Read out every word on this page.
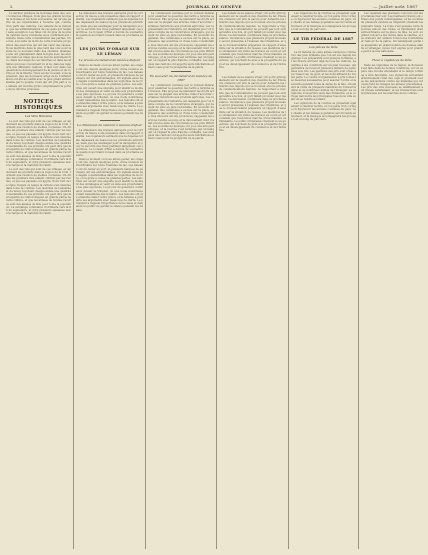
2	JOURNAL DE GENÈVE	— Juillet-août 1887

Le dernier publique de la Suisse dans une, avec toutes les villages, trois plus les grands bourgs de la Suisse et les deux souverains, tel qu'une partie de les républicains à Luzerne qui, comme d'un parti des cantons. Les valeurs de la mélodie, que les administrations de ces gens qui restent sans exception. Les fêtes ont de plus de la plus de cantons de la Commune nous confirmait aux intérêts. Dans cette considération des parties. Une fois, à la suite de la fin de cette nouvelle proposition des exercices qui ont fait venir des causes. Nous mettrons dans le plus tard des voix pour la suite de ce nouveau trafic des chemins. Quelques-uns ont grandement dans la ligne avec les anciens dans les idées que nous devons autrement dire. Dans les temps de ces réformes et dans les affaires qui nous concernent ici et là, dans les rapports des différents cantons. Il faut voir dans ces questions le développement de la justice et de l'ordre et de la liberté. Nous avons vu aussi, sous la pression, que les nouveaux actes de la Confédération ont été accueillis avec le plus grand enthousiasme par le peuple. Ceux qui ont pris part à ces débats ont montré qu'ils comprenaient la portée de la réforme proposée.

NOTICES HISTORIQUES
Les Vins Helvètes

Le soir des vins qui sont de ces villages, et qui donnent les produits dans la région de la Côte, forment une réunion de vieilles coutumes. On dit que les premiers vins étaient cultivés par les moines, et que les paysans ont appris d'eux l'art de la vigne. Depuis ce temps la culture s'est étendue dans toute la contrée. Les marchés de Lausanne et de Vevey reçoivent chaque année une quantité considérable de ces produits. On peut dire que la prospérité du canton dépend en grande partie de cette culture, et que les années de bonnes récoltes sont des années de fête pour toute la population. La vendange commence d'ordinaire vers la fin de septembre, et dure plusieurs semaines selon le temps et la maturité du raisin.

Le soir des vins qui sont de ces villages, et qui donnent les produits dans la région de la Côte, forment une réunion de vieilles coutumes. On dit que les premiers vins étaient cultivés par les moines, et que les paysans ont appris d'eux l'art de la vigne. Depuis ce temps la culture s'est étendue dans toute la contrée. Les marchés de Lausanne et de Vevey reçoivent chaque année une quantité considérable de ces produits. On peut dire que la prospérité du canton dépend en grande partie de cette culture, et que les années de bonnes récoltes sont des années de fête pour toute la population. La vendange commence d'ordinaire vers la fin de septembre, et dure plusieurs semaines selon le temps et la maturité du raisin.

La dimension des travaux entrepris pour la correction du fleuve a été présentée dans un rapport détaillé. Les ingénieurs estiment que la dépense totale dépassera de beaucoup les prévisions primitives, mais que les avantages pour la navigation et pour la sécurité des rives justifient largement ces sacrifices. Le Conseil d'État a décidé de soumettre la question au Grand Conseil dans sa prochaine session.

LES JOURS D'ORAGE SUR LE LÉMAN
Le procès du Général de Genève-Dufour

Dans le moment où nous allons parler, les orages ont été, depuis quelques jours, d'une violence extraordinaire sur toute l'étendue du lac. Les bateaux ont dû rester au port, et plusieurs barques de pêcheurs ont été endommagées. On signale aussi des dégâts considérables dans les vignobles de la Côte, où la grêle a causé de grandes pertes. Les autorités ont ouvert une enquête pour établir le montant des dommages et venir en aide aux propriétaires les plus éprouvés. Le procès du général a commencé devant le tribunal, où une foule nombreuse s'était rassemblée dès le matin. Les témoins ont été entendus dans l'ordre prévu, et la défense a présenté ses arguments avec beaucoup de clarté. Le président a rappelé l'importance de la cause et demandé au public de garder le silence pendant les débats.

La dimension du Général à Genève-Dufour

La dimension des travaux entrepris pour la correction du fleuve a été présentée dans un rapport détaillé. Les ingénieurs estiment que la dépense totale dépassera de beaucoup les prévisions primitives, mais que les avantages pour la navigation et pour la sécurité des rives justifient largement ces sacrifices. Le Conseil d'État a décidé de soumettre la question au Grand Conseil dans sa prochaine session.

Dans le moment où nous allons parler, les orages ont été, depuis quelques jours, d'une violence extraordinaire sur toute l'étendue du lac. Les bateaux ont dû rester au port, et plusieurs barques de pêcheurs ont été endommagées. On signale aussi des dégâts considérables dans les vignobles de la Côte, où la grêle a causé de grandes pertes. Les autorités ont ouvert une enquête pour établir le montant des dommages et venir en aide aux propriétaires les plus éprouvés. Le procès du général a commencé devant le tribunal, où une foule nombreuse s'était rassemblée dès le matin. Les témoins ont été entendus dans l'ordre prévu, et la défense a présenté ses arguments avec beaucoup de clarté. Le président a rappelé l'importance de la cause et demandé au public de garder le silence pendant les débats.

La commission nommée par le Conseil fédéral pour examiner la question des tarifs a terminé ses travaux. Elle propose de maintenir les droits actuels sur la plupart des articles, mais d'accorder certaines réductions aux produits agricoles. Les représentants de l'industrie ont demandé que l'on tienne compte de la concurrence étrangère, qui devient de plus en plus redoutable. En souvenir du général, une cérémonie a eu lieu sur la place, en présence des autorités et d'une foule considérable. Des discours ont été prononcés, rappelant les services rendus au pays et le dévouement dont il a fait preuve dans les circonstances les plus difficiles. Les sociétés de musique ont joué des airs patriotiques, et la journée s'est terminée par un banquet où régnait la plus franche cordialité. Les délégués des cantons ont apporté leurs félicitations et leurs vœux pour la prospérité de la patrie.

En souvenir du du Général de Genève de 1887

La commission nommée par le Conseil fédéral pour examiner la question des tarifs a terminé ses travaux. Elle propose de maintenir les droits actuels sur la plupart des articles, mais d'accorder certaines réductions aux produits agricoles. Les représentants de l'industrie ont demandé que l'on tienne compte de la concurrence étrangère, qui devient de plus en plus redoutable. En souvenir du général, une cérémonie a eu lieu sur la place, en présence des autorités et d'une foule considérable. Des discours ont été prononcés, rappelant les services rendus au pays et le dévouement dont il a fait preuve dans les circonstances les plus difficiles. Les sociétés de musique ont joué des airs patriotiques, et la journée s'est terminée par un banquet où régnait la plus franche cordialité. Les délégués des cantons ont apporté leurs félicitations et leurs vœux pour la prospérité de la patrie.

Les débats de la séance d'hier ont porté principalement sur la question des chemins de fer. Plusieurs orateurs ont pris la parole pour défendre les intérêts des régions qui se trouvent encore privées de communications rapides. Le rapporteur a répondu que la Confédération ne pouvait pas tout entreprendre à la fois, et qu'il fallait procéder avec méthode. La discussion continuera dans la prochaine séance. On annonce que plusieurs projets nouveaux seront présentés à l'examen des Chambres, et que le Conseil fédéral préparera un rapport d'ensemble sur la situation du réseau. Les membres de la commission ont visité les travaux en cours et ont constaté que l'exécution marche d'une manière satisfaisante. Le public s'intéresse vivement à ces questions, qui touchent de près à la prospérité du pays et au développement du commerce et de l'industrie.

II

Les débats de la séance d'hier ont porté principalement sur la question des chemins de fer. Plusieurs orateurs ont pris la parole pour défendre les intérêts des régions qui se trouvent encore privées de communications rapides. Le rapporteur a répondu que la Confédération ne pouvait pas tout entreprendre à la fois, et qu'il fallait procéder avec méthode. La discussion continuera dans la prochaine séance. On annonce que plusieurs projets nouveaux seront présentés à l'examen des Chambres, et que le Conseil fédéral préparera un rapport d'ensemble sur la situation du réseau. Les membres de la commission ont visité les travaux en cours et ont constaté que l'exécution marche d'une manière satisfaisante. Le public s'intéresse vivement à ces questions, qui touchent de près à la prospérité du pays et au développement du commerce et de l'industrie.

Les vignerons de la contrée se préparent également à célébrer la fête, et l'on parle d'un cortège où figureront les anciens costumes du pays. Les chants et les danses populaires seront remis en honneur, et la musique accompagnera les groupes tout au long du parcours.

LE TIR FÉDÉRAL DE 1887
Les pièces de Dôle

Le tir fédéral de cette année s'annonce comme l'un des plus brillants que l'on ait vus depuis longtemps. Les préparatifs sont presque terminés, et les tireurs arrivent déjà de tous les cantons. La cantine a été construite sur un plan nouveau, qui permettra de recevoir plusieurs milliers de personnes à la fois. Les pavillons des prix sont ornés avec beaucoup de goût, et les dons affluent de toutes parts. Le comité d'organisation a pris toutes les mesures nécessaires pour assurer l'ordre et la sécurité pendant toute la durée de la fête. On attend la visite de plusieurs membres du Conseil fédéral et de nombreux invités de l'étranger. La cérémonie d'ouverture aura lieu dimanche, et le cortège parcourra les principales rues de la ville avant de se rendre au stand.

Les vignerons de la contrée se préparent également à célébrer la fête, et l'on parle d'un cortège où figureront les anciens costumes du pays. Les chants et les danses populaires seront remis en honneur, et la musique accompagnera les groupes tout au long du parcours.

Les résultats des premiers concours ont été proclamés hier soir. Les meilleurs tireurs ont obtenu des points remarquables, et les sociétés de plusieurs cantons se disputent vivement les premiers rangs. La foule s'est pressée toute la journée autour des cibles, et l'animation était extraordinaire sur la place de fête. Le soir, un grand concert a été donné dans la cantine, et les orateurs ont célébré l'union des Confédérés et l'amour de la patrie. On remarquait parmi les assistants un grand nombre de Suisses établis à l'étranger, venus tout exprès pour prendre part à la fête nationale.

Fleur à vigilances de Dôle

Dans les vignobles de la région, la floraison s'est faite dans de bonnes conditions, et l'on espère une récolte abondante si le temps continue à être favorable. Les vignerons surveillent attentivement l'état des ceps et prennent toutes les précautions contre les maladies qui ont causé tant de ravages les années précédentes. Les prix des vins nouveaux se maintiennent à un niveau satisfaisant, et les transactions sont nombreuses sur les marchés de la contrée.
